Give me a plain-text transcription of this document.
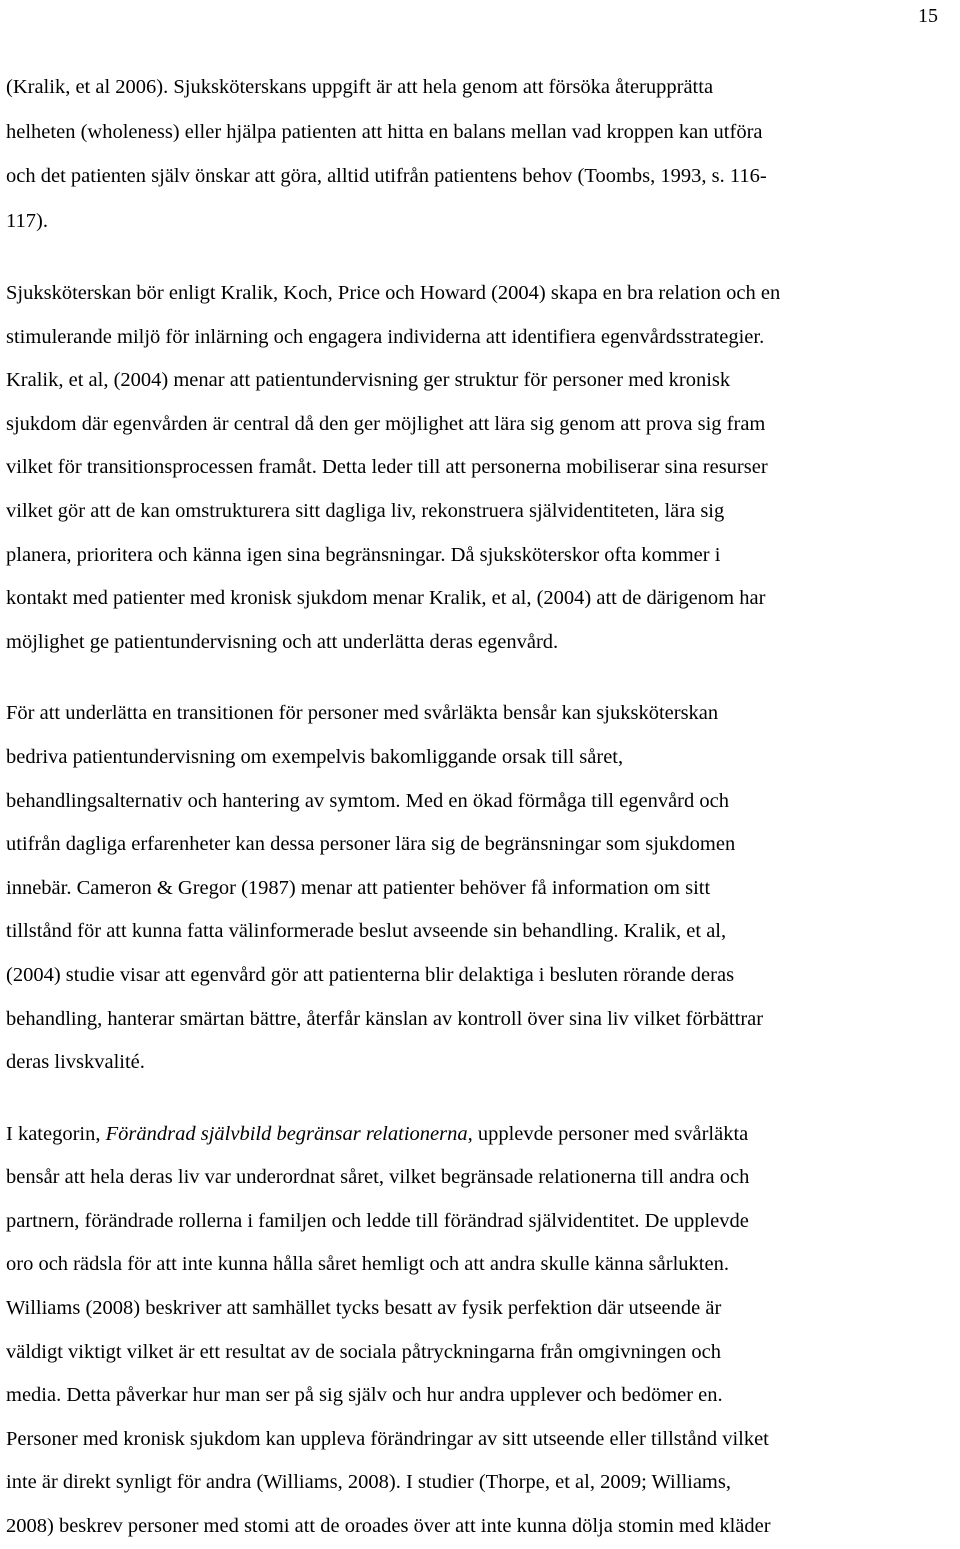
15

(Kralik, et al 2006). Sjuksköterskans uppgift är att hela genom att försöka återupprätta
helheten (wholeness) eller hjälpa patienten att hitta en balans mellan vad kroppen kan utföra
och det patienten själv önskar att göra, alltid utifrån patientens behov (Toombs, 1993, s. 116-
117).

Sjuksköterskan bör enligt Kralik, Koch, Price och Howard (2004) skapa en bra relation och en
stimulerande miljö för inlärning och engagera individerna att identifiera egenvårdsstrategier.
Kralik, et al, (2004) menar att patientundervisning ger struktur för personer med kronisk
sjukdom där egenvården är central då den ger möjlighet att lära sig genom att prova sig fram
vilket för transitionsprocessen framåt. Detta leder till att personerna mobiliserar sina resurser
vilket gör att de kan omstrukturera sitt dagliga liv, rekonstruera självidentiteten, lära sig
planera, prioritera och känna igen sina begränsningar. Då sjuksköterskor ofta kommer i
kontakt med patienter med kronisk sjukdom menar Kralik, et al, (2004) att de därigenom har
möjlighet ge patientundervisning och att underlätta deras egenvård.

För att underlätta en transitionen för personer med svårläkta bensår kan sjuksköterskan
bedriva patientundervisning om exempelvis bakomliggande orsak till såret,
behandlingsalternativ och hantering av symtom. Med en ökad förmåga till egenvård och
utifrån dagliga erfarenheter kan dessa personer lära sig de begränsningar som sjukdomen
innebär. Cameron & Gregor (1987) menar att patienter behöver få information om sitt
tillstånd för att kunna fatta välinformerade beslut avseende sin behandling. Kralik, et al,
(2004) studie visar att egenvård gör att patienterna blir delaktiga i besluten rörande deras
behandling, hanterar smärtan bättre, återfår känslan av kontroll över sina liv vilket förbättrar
deras livskvalité.

I kategorin, Förändrad självbild begränsar relationerna, upplevde personer med svårläkta
bensår att hela deras liv var underordnat såret, vilket begränsade relationerna till andra och
partnern, förändrade rollerna i familjen och ledde till förändrad självidentitet. De upplevde
oro och rädsla för att inte kunna hålla såret hemligt och att andra skulle känna sårlukten.
Williams (2008) beskriver att samhället tycks besatt av fysik perfektion där utseende är
väldigt viktigt vilket är ett resultat av de sociala påtryckningarna från omgivningen och
media. Detta påverkar hur man ser på sig själv och hur andra upplever och bedömer en.
Personer med kronisk sjukdom kan uppleva förändringar av sitt utseende eller tillstånd vilket
inte är direkt synligt för andra (Williams, 2008). I studier (Thorpe, et al, 2009; Williams,
2008) beskrev personer med stomi att de oroades över att inte kunna dölja stomin med kläder
